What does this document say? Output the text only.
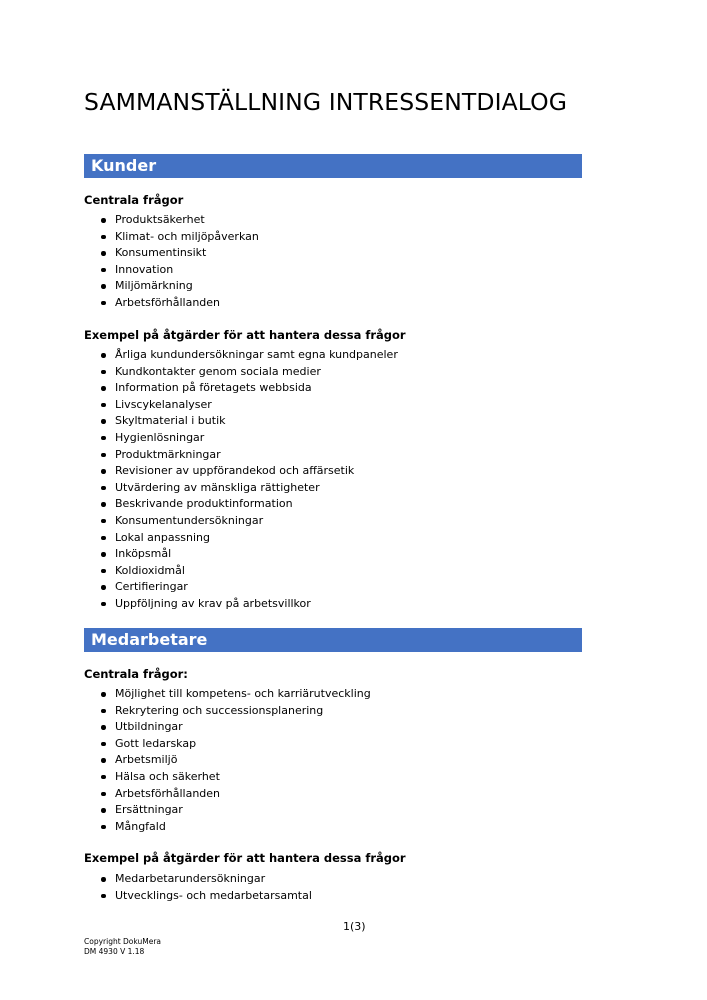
SAMMANSTÄLLNING INTRESSENTDIALOG
Kunder
Centrala frågor
Produktsäkerhet
Klimat- och miljöpåverkan
Konsumentinsikt
Innovation
Miljömärkning
Arbetsförhållanden
Exempel på åtgärder för att hantera dessa frågor
Årliga kundundersökningar samt egna kundpaneler
Kundkontakter genom sociala medier
Information på företagets webbsida
Livscykelanalyser
Skyltmaterial i butik
Hygienlösningar
Produktmärkningar
Revisioner av uppförandekod och affärsetik
Utvärdering av mänskliga rättigheter
Beskrivande produktinformation
Konsumentundersökningar
Lokal anpassning
Inköpsmål
Koldioxidmål
Certifieringar
Uppföljning av krav på arbetsvillkor
Medarbetare
Centrala frågor:
Möjlighet till kompetens- och karriärutveckling
Rekrytering och successionsplanering
Utbildningar
Gott ledarskap
Arbetsmiljö
Hälsa och säkerhet
Arbetsförhållanden
Ersättningar
Mångfald
Exempel på åtgärder för att hantera dessa frågor
Medarbetarundersökningar
Utvecklings- och medarbetarsamtal
1(3)
Copyright DokuMera
DM 4930 V 1.18
